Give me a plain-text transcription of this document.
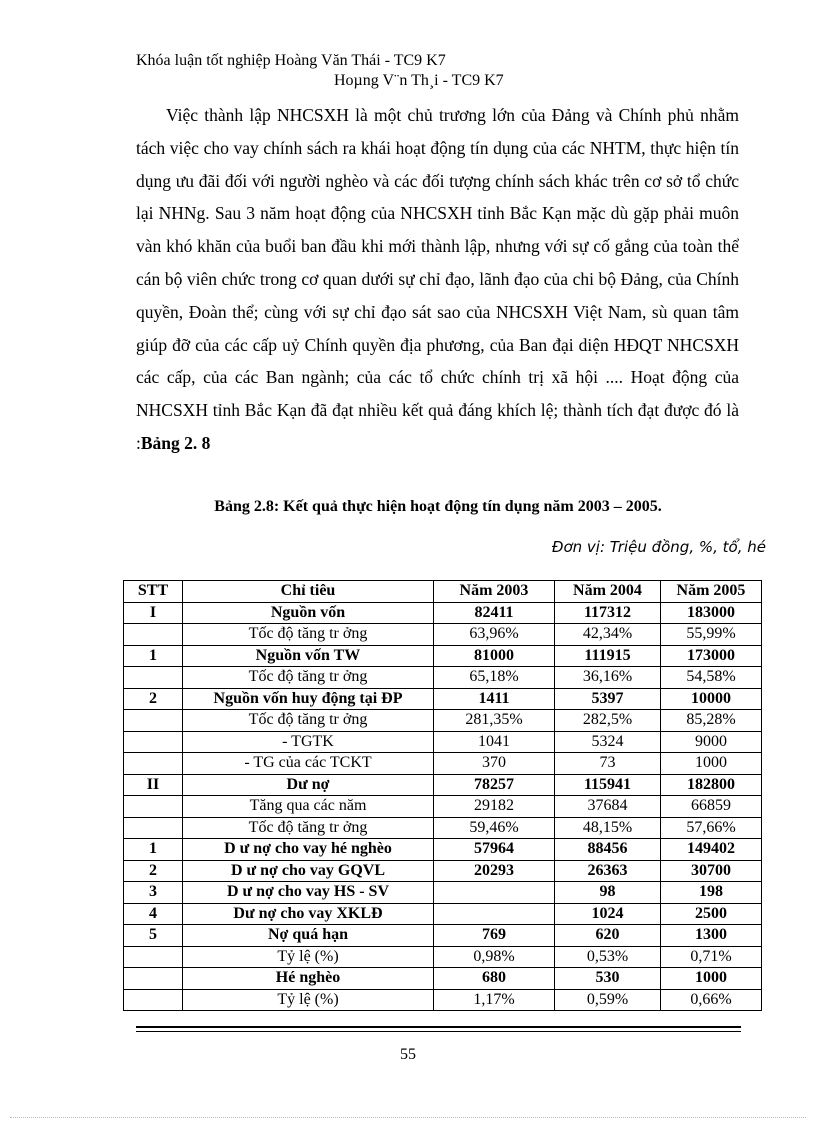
Khóa luận tốt nghiệp Hoàng Văn Thái - TC9 K7
Hoµng V¨n Th¸i - TC9 K7
Việc thành lập NHCSXH là một chủ trương lớn của Đảng và Chính phủ nhằm tách việc cho vay chính sách ra khái hoạt động tín dụng của các NHTM, thực hiện tín dụng ưu đãi đối với người nghèo và các đối tượng chính sách khác trên cơ sở tổ chức lại NHNg. Sau 3 năm hoạt động của NHCSXH tỉnh Bắc Kạn mặc dù gặp phải muôn vàn khó khăn của buổi ban đầu khi mới thành lập, nhưng với sự cố gắng của toàn thể cán bộ viên chức trong cơ quan dưới sự chỉ đạo, lãnh đạo của chi bộ Đảng, của Chính quyền, Đoàn thể; cùng với sự chỉ đạo sát sao của NHCSXH Việt Nam, sù quan tâm giúp đỡ của các cấp uỷ Chính quyền địa phương, của Ban đại diện HĐQT NHCSXH các cấp, của các Ban ngành; của các tổ chức chính trị xã hội .... Hoạt động của NHCSXH tỉnh Bắc Kạn đã đạt nhiều kết quả đáng khích lệ; thành tích đạt được đó là :Bảng 2. 8
Bảng 2.8: Kết quả thực hiện hoạt động tín dụng năm 2003 – 2005.
Đơn vị: Triệu đồng, %, tổ, hé
STT	Chỉ tiêu	Năm 2003	Năm 2004	Năm 2005
I	Nguồn vốn	82411	117312	183000
	Tốc độ tăng tr ởng	63,96%	42,34%	55,99%
1	Nguồn vốn TW	81000	111915	173000
	Tốc độ tăng tr ởng	65,18%	36,16%	54,58%
2	Nguồn vốn huy động tại ĐP	1411	5397	10000
	Tốc độ tăng tr ởng	281,35%	282,5%	85,28%
	- TGTK	1041	5324	9000
	- TG của các TCKT	370	73	1000
II	Dư nợ	78257	115941	182800
	Tăng qua các năm	29182	37684	66859
	Tốc độ tăng tr ởng	59,46%	48,15%	57,66%
1	D ư nợ cho vay hé nghèo	57964	88456	149402
2	D ư nợ cho vay GQVL	20293	26363	30700
3	D ư nợ cho vay HS - SV		98	198
4	Dư nợ cho vay XKLĐ		1024	2500
5	Nợ quá hạn	769	620	1300
	Tỷ lệ (%)	0,98%	0,53%	0,71%
	Hé nghèo	680	530	1000
	Tỷ lệ (%)	1,17%	0,59%	0,66%
55
